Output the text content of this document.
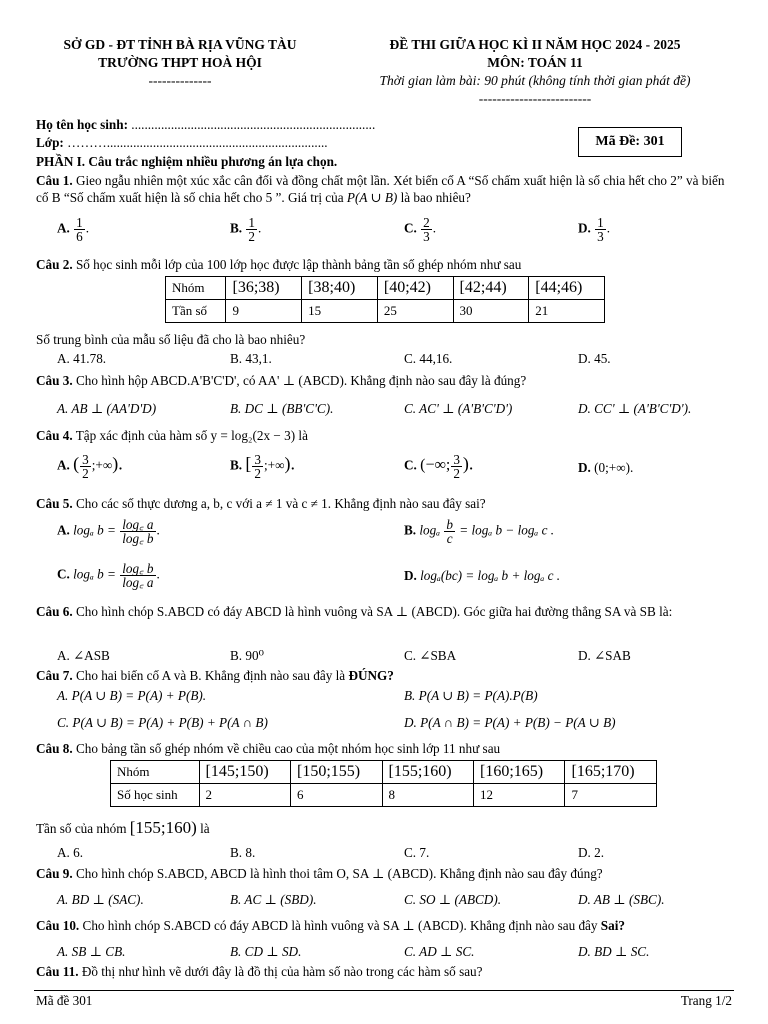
SỞ GD - ĐT TỈNH BÀ RỊA VŨNG TÀU
TRƯỜNG THPT HOÀ HỘI
--------------
ĐỀ THI GIỮA HỌC KÌ II NĂM HỌC 2024 - 2025
MÔN: TOÁN 11
Thời gian làm bài: 90 phút (không tính thời gian phát đề)
-------------------------
Họ tên học sinh: ..........................................................................
Lớp: ………...................................................................	Mã Đề: 301
PHẦN I. Câu trắc nghiệm nhiều phương án lựa chọn.
Câu 1. Gieo ngẫu nhiên một xúc xắc cân đối và đồng chất một lần. Xét biến cố A “Số chấm xuất hiện là số chia hết cho 2” và biến cố B “Số chấm xuất hiện là số chia hết cho 5 ”. Giá trị của P(A ∪ B) là bao nhiêu?
A. $\frac{1}{6}$ .	B. $\frac{1}{2}$ .	C. $\frac{2}{3}$ .	D. $\frac{1}{3}$ .
Câu 2. Số học sinh mỗi lớp của 100 lớp học được lập thành bảng tần số ghép nhóm như sau
Nhóm	[36;38)	[38;40)	[40;42)	[42;44)	[44;46)
Tần số	9	15	25	30	21
Số trung bình của mẫu số liệu đã cho là bao nhiêu?
A. 41.78.	B. 43,1.	C. 44,16.	D. 45.
Câu 3. Cho hình hộp ABCD.A'B'C'D', có AA' ⊥ (ABCD). Khẳng định nào sau đây là đúng?
A. AB ⊥ (AA'D'D)	B. DC ⊥ (BB'C'C).	C. AC' ⊥ (A'B'C'D')	D. CC' ⊥ (A'B'C'D').
Câu 4. Tập xác định của hàm số y = log₂(2x − 3) là
A. ( $\frac{3}{2}$ ;+∞).	B. [ $\frac{3}{2}$ ;+∞).	C. (−∞; $\frac{3}{2}$ ).	D. (0;+∞).
Câu 5. Cho các số thực dương a, b, c với a ≠ 1 và c ≠ 1. Khẳng định nào sau đây sai?
A. logₐ $b = \frac{\log꜀ a}{\log꜀ b}$ .	B. logₐ $\frac{b}{c} = \log_a$ b − logₐ c .
C. logₐ $b = \frac{\log꜀ b}{\log꜀ a}$ .	D. logₐ(bc) = logₐ b + logₐ c .
Câu 6. Cho hình chóp S.ABCD có đáy ABCD là hình vuông và SA ⊥ (ABCD). Góc giữa hai đường thẳng SA và SB là:
A. ∠ASB	B. 90⁰	C. ∠SBA	D. ∠SAB
Câu 7. Cho hai biến cố A và B. Khẳng định nào sau đây là ĐÚNG?
A. P(A ∪ B) = P(A) + P(B).	B. P(A ∪ B) = P(A).P(B)
C. P(A ∪ B) = P(A) + P(B) + P(A ∩ B)	D. P(A ∩ B) = P(A) + P(B) − P(A ∪ B)
Câu 8. Cho bảng tần số ghép nhóm về chiều cao của một nhóm học sinh lớp 11 như sau
Nhóm	[145;150)	[150;155)	[155;160)	[160;165)	[165;170)
Số học sinh	2	6	8	12	7
Tần số của nhóm [155;160) là
A. 6.	B. 8.	C. 7.	D. 2.
Câu 9. Cho hình chóp S.ABCD, ABCD là hình thoi tâm O, SA ⊥ (ABCD). Khẳng định nào sau đây đúng?
A. BD ⊥ (SAC).	B. AC ⊥ (SBD).	C. SO ⊥ (ABCD).	D. AB ⊥ (SBC).
Câu 10. Cho hình chóp S.ABCD có đáy ABCD là hình vuông và SA ⊥ (ABCD). Khẳng định nào sau đây Sai?
A. SB ⊥ CB.	B. CD ⊥ SD.	C. AD ⊥ SC.	D. BD ⊥ SC.
Câu 11. Đồ thị như hình vẽ dưới đây là đồ thị của hàm số nào trong các hàm số sau?
Mã đề 301	Trang 1/2
